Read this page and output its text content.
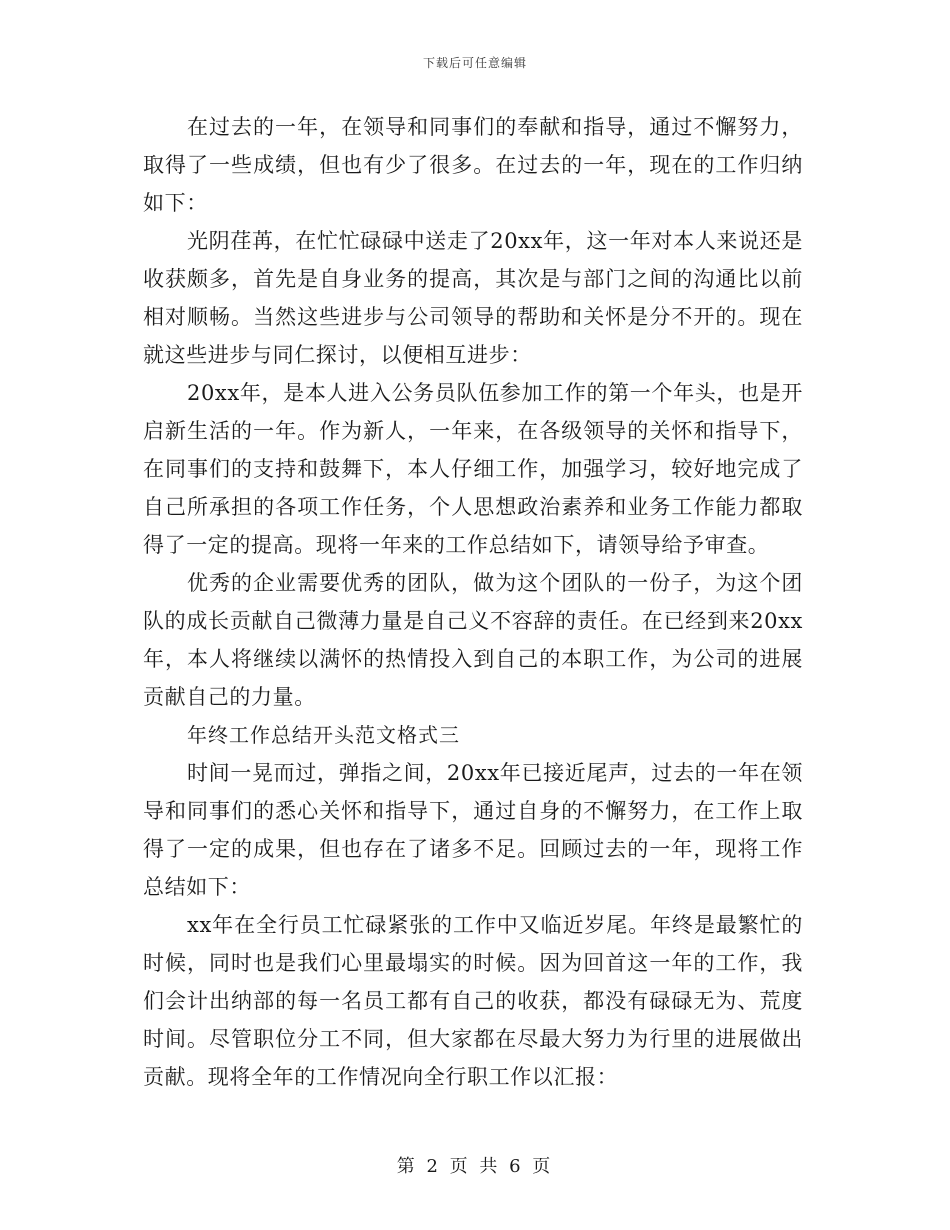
下载后可任意编辑

在过去的一年，在领导和同事们的奉献和指导，通过不懈努力，取得了一些成绩，但也有少了很多。在过去的一年，现在的工作归纳如下：

光阴荏苒，在忙忙碌碌中送走了20xx年，这一年对本人来说还是收获颇多，首先是自身业务的提高，其次是与部门之间的沟通比以前相对顺畅。当然这些进步与公司领导的帮助和关怀是分不开的。现在就这些进步与同仁探讨，以便相互进步：

20xx年，是本人进入公务员队伍参加工作的第一个年头，也是开启新生活的一年。作为新人，一年来，在各级领导的关怀和指导下，在同事们的支持和鼓舞下，本人仔细工作，加强学习，较好地完成了自己所承担的各项工作任务，个人思想政治素养和业务工作能力都取得了一定的提高。现将一年来的工作总结如下，请领导给予审查。

优秀的企业需要优秀的团队，做为这个团队的一份子，为这个团队的成长贡献自己微薄力量是自己义不容辞的责任。在已经到来20xx年，本人将继续以满怀的热情投入到自己的本职工作，为公司的进展贡献自己的力量。

年终工作总结开头范文格式三

时间一晃而过，弹指之间，20xx年已接近尾声，过去的一年在领导和同事们的悉心关怀和指导下，通过自身的不懈努力，在工作上取得了一定的成果，但也存在了诸多不足。回顾过去的一年，现将工作总结如下：

xx年在全行员工忙碌紧张的工作中又临近岁尾。年终是最繁忙的时候，同时也是我们心里最塌实的时候。因为回首这一年的工作，我们会计出纳部的每一名员工都有自己的收获，都没有碌碌无为、荒度时间。尽管职位分工不同，但大家都在尽最大努力为行里的进展做出贡献。现将全年的工作情况向全行职工作以汇报：

第 2 页 共 6 页
